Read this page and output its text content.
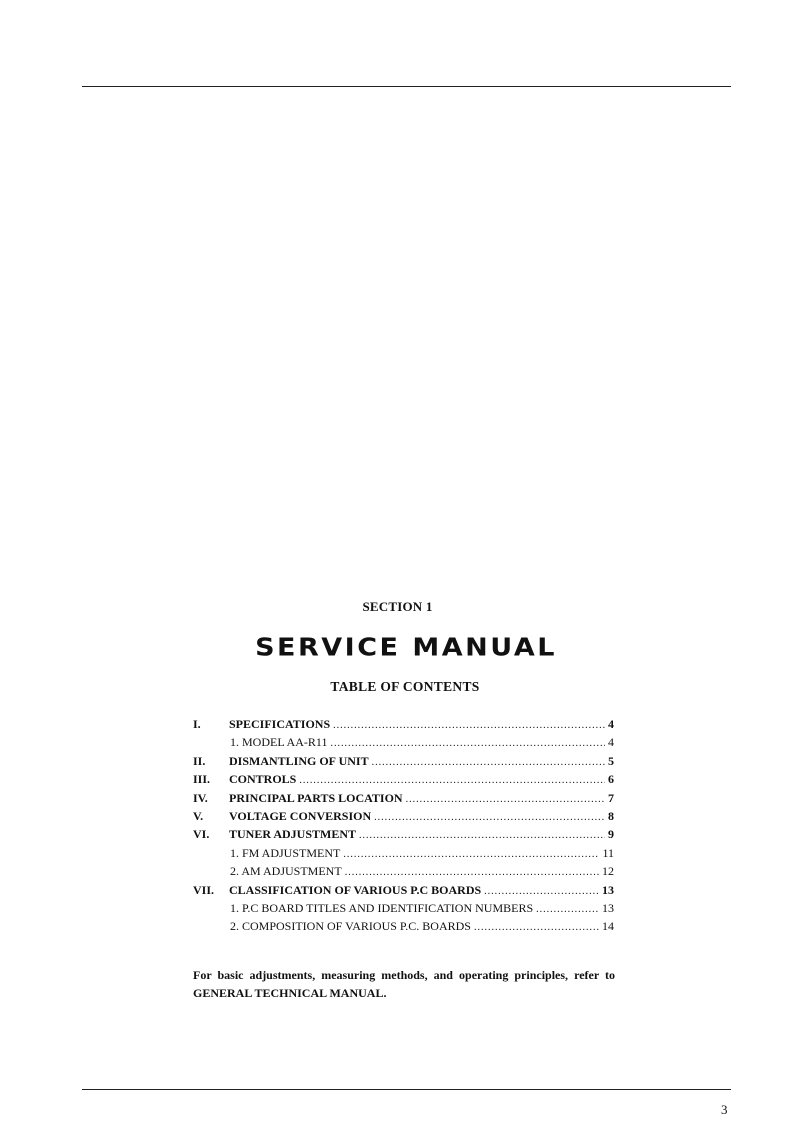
SECTION 1
SERVICE MANUAL
TABLE OF CONTENTS
I.	SPECIFICATIONS .....	4
1. MODEL AA-R11 .....	4
II.	DISMANTLING OF UNIT .....	5
III.	CONTROLS .....	6
IV.	PRINCIPAL PARTS LOCATION .....	7
V.	VOLTAGE CONVERSION .....	8
VI.	TUNER ADJUSTMENT .....	9
1. FM ADJUSTMENT .....	11
2. AM ADJUSTMENT .....	12
VII.	CLASSIFICATION OF VARIOUS P.C BOARDS .....	13
1. P.C BOARD TITLES AND IDENTIFICATION NUMBERS .....	13
2. COMPOSITION OF VARIOUS P.C. BOARDS .....	14
For basic adjustments, measuring methods, and operating principles, refer to GENERAL TECHNICAL MANUAL.
3
